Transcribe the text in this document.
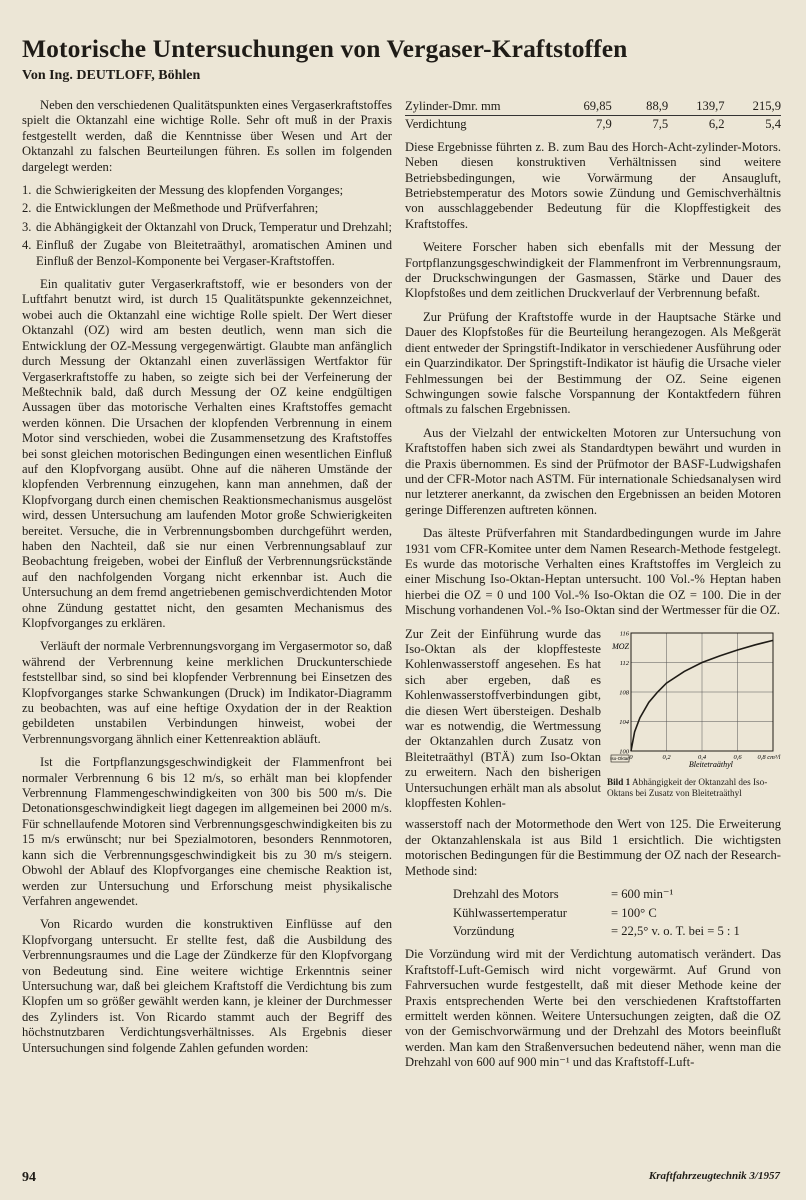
Motorische Untersuchungen von Vergaser-Kraftstoffen
Von Ing. DEUTLOFF, Böhlen

Neben den verschiedenen Qualitätspunkten eines Vergaserkraftstoffes spielt die Oktanzahl eine wichtige Rolle. Sehr oft muß in der Praxis festgestellt werden, daß die Kenntnisse über Wesen und Art der Oktanzahl zu falschen Beurteilungen führen. Es sollen im folgenden dargelegt werden:

1. die Schwierigkeiten der Messung des klopfenden Vorganges;
2. die Entwicklungen der Meßmethode und Prüfverfahren;
3. die Abhängigkeit der Oktanzahl von Druck, Temperatur und Drehzahl;
4. Einfluß der Zugabe von Bleitetraäthyl, aromatischen Aminen und Einfluß der Benzol-Komponente bei Vergaser-Kraftstoffen.

Ein qualitativ guter Vergaserkraftstoff, wie er besonders von der Luftfahrt benutzt wird, ist durch 15 Qualitätspunkte gekennzeichnet, wobei auch die Oktanzahl eine wichtige Rolle spielt. Der Wert dieser Oktanzahl (OZ) wird am besten deutlich, wenn man sich die Entwicklung der OZ-Messung vergegenwärtigt. Glaubte man anfänglich durch Messung der Oktanzahl einen zuverlässigen Wertfaktor für Vergaserkraftstoffe zu haben, so zeigte sich bei der Verfeinerung der Meßtechnik bald, daß durch Messung der OZ keine endgültigen Aussagen über das motorische Verhalten eines Kraftstoffes gemacht werden können. Die Ursachen der klopfenden Verbrennung in einem Motor sind verschieden, wobei die Zusammensetzung des Kraftstoffes bei sonst gleichen motorischen Bedingungen einen wesentlichen Einfluß auf den Klopfvorgang ausübt. Ohne auf die näheren Umstände der klopfenden Verbrennung einzugehen, kann man annehmen, daß der Klopfvorgang durch einen chemischen Reaktionsmechanismus ausgelöst wird, dessen Untersuchung am laufenden Motor große Schwierigkeiten bereitet. Versuche, die in Verbrennungsbomben durchgeführt werden, haben den Nachteil, daß sie nur einen Verbrennungsablauf zur Beobachtung freigeben, wobei der Einfluß der Verbrennungsrückstände auf den nachfolgenden Vorgang nicht erkennbar ist. Auch die Untersuchung an dem fremd angetriebenen gemischverdichtenden Motor ohne Zündung gestattet nicht, den gesamten Mechanismus des Klopfvorganges zu erklären.

Verläuft der normale Verbrennungsvorgang im Vergasermotor so, daß während der Verbrennung keine merklichen Druckunterschiede feststellbar sind, so sind bei klopfender Verbrennung bei Einsetzen des Klopfvorganges starke Schwankungen (Druck) im Indikator-Diagramm zu beobachten, was auf eine heftige Oxydation der in der Reaktion gebildeten unstabilen Verbindungen hinweist, wobei der Verbrennungsvorgang ähnlich einer Kettenreaktion abläuft.

Ist die Fortpflanzungsgeschwindigkeit der Flammenfront bei normaler Verbrennung 6 bis 12 m/s, so erhält man bei klopfender Verbrennung Flammengeschwindigkeiten von 300 bis 500 m/s. Die Detonationsgeschwindigkeit liegt dagegen im allgemeinen bei 2000 m/s. Für schnellaufende Motoren sind Verbrennungsgeschwindigkeiten bis zu 15 m/s erwünscht; nur bei Spezialmotoren, besonders Rennmotoren, kann sich die Verbrennungsgeschwindigkeit bis zu 30 m/s steigern. Obwohl der Ablauf des Klopfvorganges eine chemische Reaktion ist, werden zur Untersuchung und Erforschung meist physikalische Verfahren angewendet.

Von Ricardo wurden die konstruktiven Einflüsse auf den Klopfvorgang untersucht. Er stellte fest, daß die Ausbildung des Verbrennungsraumes und die Lage der Zündkerze für den Klopfvorgang von Bedeutung sind. Eine weitere wichtige Erkenntnis seiner Untersuchung war, daß bei gleichem Kraftstoff die Verdichtung bis zum Klopfen um so größer gewählt werden kann, je kleiner der Durchmesser des Zylinders ist. Von Ricardo stammt auch der Begriff des höchstnutzbaren Verdichtungsverhältnisses. Als Ergebnis dieser Untersuchungen sind folgende Zahlen gefunden worden:

Zylinder-Dmr. mm	69,85	88,9	139,7	215,9
Verdichtung	7,9	7,5	6,2	5,4

Diese Ergebnisse führten z. B. zum Bau des Horch-Acht-zylinder-Motors. Neben diesen konstruktiven Verhältnissen sind weitere Betriebsbedingungen, wie Vorwärmung der Ansaugluft, Betriebstemperatur des Motors sowie Zündung und Gemischverhältnis von ausschlaggebender Bedeutung für die Klopffestigkeit des Kraftstoffes.

Weitere Forscher haben sich ebenfalls mit der Messung der Fortpflanzungsgeschwindigkeit der Flammenfront im Verbrennungsraum, der Druckschwingungen der Gasmassen, Stärke und Dauer des Klopfstoßes und dem zeitlichen Druckverlauf der Verbrennung befaßt.

Zur Prüfung der Kraftstoffe wurde in der Hauptsache Stärke und Dauer des Klopfstoßes für die Beurteilung herangezogen. Als Meßgerät dient entweder der Springstift-Indikator in verschiedener Ausführung oder ein Quarzindikator. Der Springstift-Indikator ist häufig die Ursache vieler Fehlmessungen bei der Bestimmung der OZ. Seine eigenen Schwingungen sowie falsche Vorspannung der Kontaktfedern führen oftmals zu falschen Ergebnissen.

Aus der Vielzahl der entwickelten Motoren zur Untersuchung von Kraftstoffen haben sich zwei als Standardtypen bewährt und wurden in die Praxis übernommen. Es sind der Prüfmotor der BASF-Ludwigshafen und der CFR-Motor nach ASTM. Für internationale Schiedsanalysen wird nur letzterer anerkannt, da zwischen den Ergebnissen an beiden Motoren geringe Differenzen auftreten können.

Das älteste Prüfverfahren mit Standardbedingungen wurde im Jahre 1931 vom CFR-Komitee unter dem Namen Research-Methode festgelegt. Es wurde das motorische Verhalten eines Kraftstoffes im Vergleich zu einer Mischung Iso-Oktan-Heptan untersucht. 100 Vol.-% Heptan haben hierbei die OZ = 0 und 100 Vol.-% Iso-Oktan die OZ = 100. Die in der Mischung vorhandenen Vol.-% Iso-Oktan sind der Wertmesser für die OZ.

Zur Zeit der Einführung wurde das Iso-Oktan als der klopffesteste Kohlenwasserstoff angesehen. Es hat sich aber ergeben, daß es Kohlenwasserstoffverbindungen gibt, die diesen Wert übersteigen. Deshalb war es notwendig, die Wertmessung der Oktanzahlen durch Zusatz von Bleitetraäthyl (BTÄ) zum Iso-Oktan zu erweitern. Nach den bisherigen Untersuchungen erhält man als absolut klopffesten Kohlen-
100
104
108
112
116
0	0,2	0,4	0,6 0,8 cm³/l
MOZ
Bleitetraäthyl
Iso-Oktan
Bild 1 Abhängigkeit der Oktanzahl des Iso-Oktans bei Zusatz von Bleitetraäthyl

wasserstoff nach der Motormethode den Wert von 125. Die Erweiterung der Oktanzahlenskala ist aus Bild 1 ersichtlich. Die wichtigsten motorischen Bedingungen für die Bestimmung der OZ nach der Research-Methode sind:

Drehzahl des Motors	= 600 min⁻¹
Kühlwassertemperatur	= 100° C
Vorzündung	= 22,5° v. o. T. bei = 5 : 1

Die Vorzündung wird mit der Verdichtung automatisch verändert. Das Kraftstoff-Luft-Gemisch wird nicht vorgewärmt. Auf Grund von Fahrversuchen wurde festgestellt, daß mit dieser Methode keine der Praxis entsprechenden Werte bei den verschiedenen Kraftstoffarten ermittelt werden können. Weitere Untersuchungen zeigten, daß die OZ von der Gemischvorwärmung und der Drehzahl des Motors beeinflußt werden. Man kam den Straßenversuchen bedeutend näher, wenn man die Drehzahl von 600 auf 900 min⁻¹ und das Kraftstoff-Luft-

94	Kraftfahrzeugtechnik 3/1957
